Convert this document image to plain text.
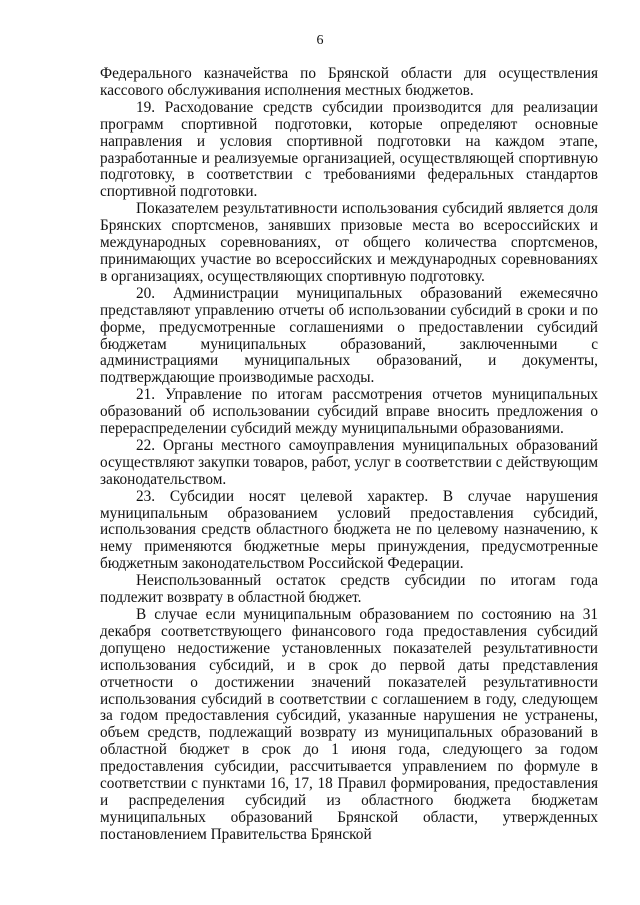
6

Федерального казначейства по Брянской области для осуществления кассового обслуживания исполнения местных бюджетов.

19. Расходование средств субсидии производится для реализации программ спортивной подготовки, которые определяют основные направления и условия спортивной подготовки на каждом этапе, разработанные и реализуемые организацией, осуществляющей спортивную подготовку, в соответствии с требованиями федеральных стандартов спортивной подготовки.

Показателем результативности использования субсидий является доля Брянских спортсменов, занявших призовые места во всероссийских и международных соревнованиях, от общего количества спортсменов, принимающих участие во всероссийских и международных соревнованиях в организациях, осуществляющих спортивную подготовку.

20. Администрации муниципальных образований ежемесячно представляют управлению отчеты об использовании субсидий в сроки и по форме, предусмотренные соглашениями о предоставлении субсидий бюджетам муниципальных образований, заключенными с администрациями муниципальных образований, и документы, подтверждающие производимые расходы.

21. Управление по итогам рассмотрения отчетов муниципальных образований об использовании субсидий вправе вносить предложения о перераспределении субсидий между муниципальными образованиями.

22. Органы местного самоуправления муниципальных образований осуществляют закупки товаров, работ, услуг в соответствии с действующим законодательством.

23. Субсидии носят целевой характер. В случае нарушения муниципальным образованием условий предоставления субсидий, использования средств областного бюджета не по целевому назначению, к нему применяются бюджетные меры принуждения, предусмотренные бюджетным законодательством Российской Федерации.

Неиспользованный остаток средств субсидии по итогам года подлежит возврату в областной бюджет.

В случае если муниципальным образованием по состоянию на 31 декабря соответствующего финансового года предоставления субсидий допущено недостижение установленных показателей результативности использования субсидий, и в срок до первой даты представления отчетности о достижении значений показателей результативности использования субсидий в соответствии с соглашением в году, следующем за годом предоставления субсидий, указанные нарушения не устранены, объем средств, подлежащий возврату из муниципальных образований в областной бюджет в срок до 1 июня года, следующего за годом предоставления субсидии, рассчитывается управлением по формуле в соответствии с пунктами 16, 17, 18 Правил формирования, предоставления и распределения субсидий из областного бюджета бюджетам муниципальных образований Брянской области, утвержденных постановлением Правительства Брянской
